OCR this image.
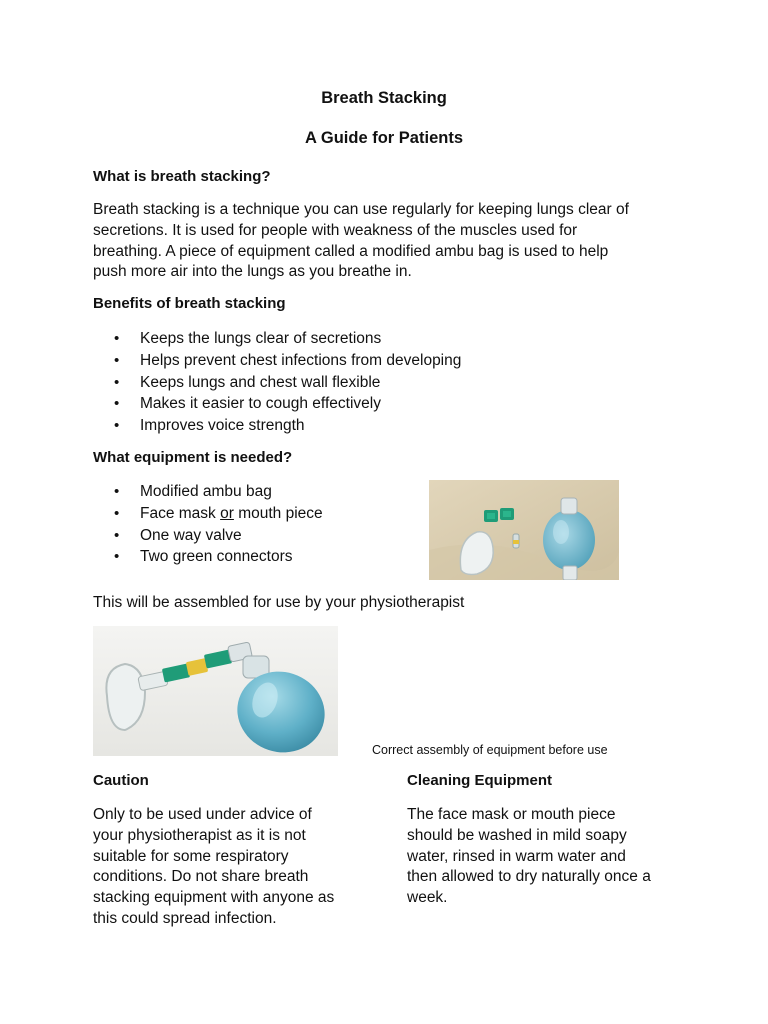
Breath Stacking
A Guide for Patients
What is breath stacking?
Breath stacking is a technique you can use regularly for keeping lungs clear of
secretions. It is used for people with weakness of the muscles used for
breathing. A piece of equipment called a modified ambu bag is used to help
push more air into the lungs as you breathe in.
Benefits of breath stacking
• Keeps the lungs clear of secretions
• Helps prevent chest infections from developing
• Keeps lungs and chest wall flexible
• Makes it easier to cough effectively
• Improves voice strength
What equipment is needed?
• Modified ambu bag
• Face mask or mouth piece
• One way valve
• Two green connectors
This will be assembled for use by your physiotherapist
Correct assembly of equipment before use
Caution
Only to be used under advice of
your physiotherapist as it is not
suitable for some respiratory
conditions. Do not share breath
stacking equipment with anyone as
this could spread infection.
Cleaning Equipment
The face mask or mouth piece
should be washed in mild soapy
water, rinsed in warm water and
then allowed to dry naturally once a
week.
